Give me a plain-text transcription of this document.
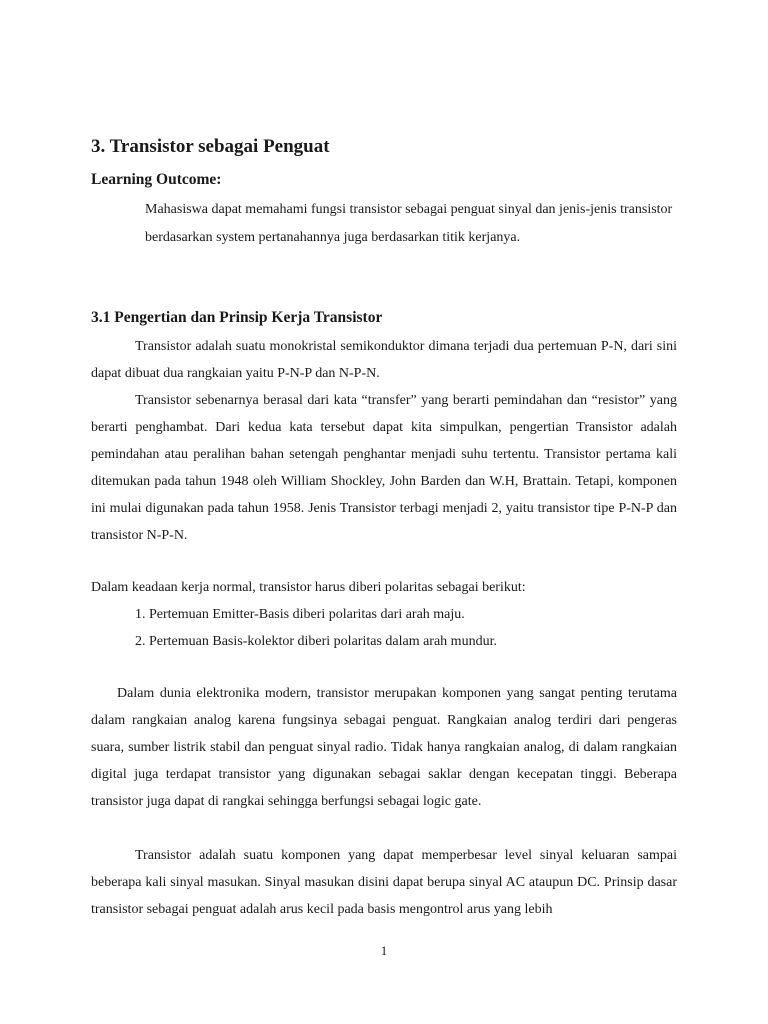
3. Transistor sebagai Penguat
Learning Outcome:

Mahasiswa dapat memahami fungsi transistor sebagai penguat sinyal dan jenis-jenis transistor berdasarkan system pertanahannya juga berdasarkan titik kerjanya.

3.1 Pengertian dan Prinsip Kerja Transistor

Transistor adalah suatu monokristal semikonduktor dimana terjadi dua pertemuan P-N, dari sini dapat dibuat dua rangkaian yaitu P-N-P dan N-P-N.

Transistor sebenarnya berasal dari kata “transfer” yang berarti pemindahan dan “resistor” yang berarti penghambat. Dari kedua kata tersebut dapat kita simpulkan, pengertian Transistor adalah pemindahan atau peralihan bahan setengah penghantar menjadi suhu tertentu. Transistor pertama kali ditemukan pada tahun 1948 oleh William Shockley, John Barden dan W.H, Brattain. Tetapi, komponen ini mulai digunakan pada tahun 1958. Jenis Transistor terbagi menjadi 2, yaitu transistor tipe P-N-P dan transistor N-P-N.

Dalam keadaan kerja normal, transistor harus diberi polaritas sebagai berikut:

1. Pertemuan Emitter-Basis diberi polaritas dari arah maju.

2. Pertemuan Basis-kolektor diberi polaritas dalam arah mundur.

Dalam dunia elektronika modern, transistor merupakan komponen yang sangat penting terutama dalam rangkaian analog karena fungsinya sebagai penguat. Rangkaian analog terdiri dari pengeras suara, sumber listrik stabil dan penguat sinyal radio. Tidak hanya rangkaian analog, di dalam rangkaian digital juga terdapat transistor yang digunakan sebagai saklar dengan kecepatan tinggi. Beberapa transistor juga dapat di rangkai sehingga berfungsi sebagai logic gate.

Transistor adalah suatu komponen yang dapat memperbesar level sinyal keluaran sampai beberapa kali sinyal masukan. Sinyal masukan disini dapat berupa sinyal AC ataupun DC. Prinsip dasar transistor sebagai penguat adalah arus kecil pada basis mengontrol arus yang lebih

1
